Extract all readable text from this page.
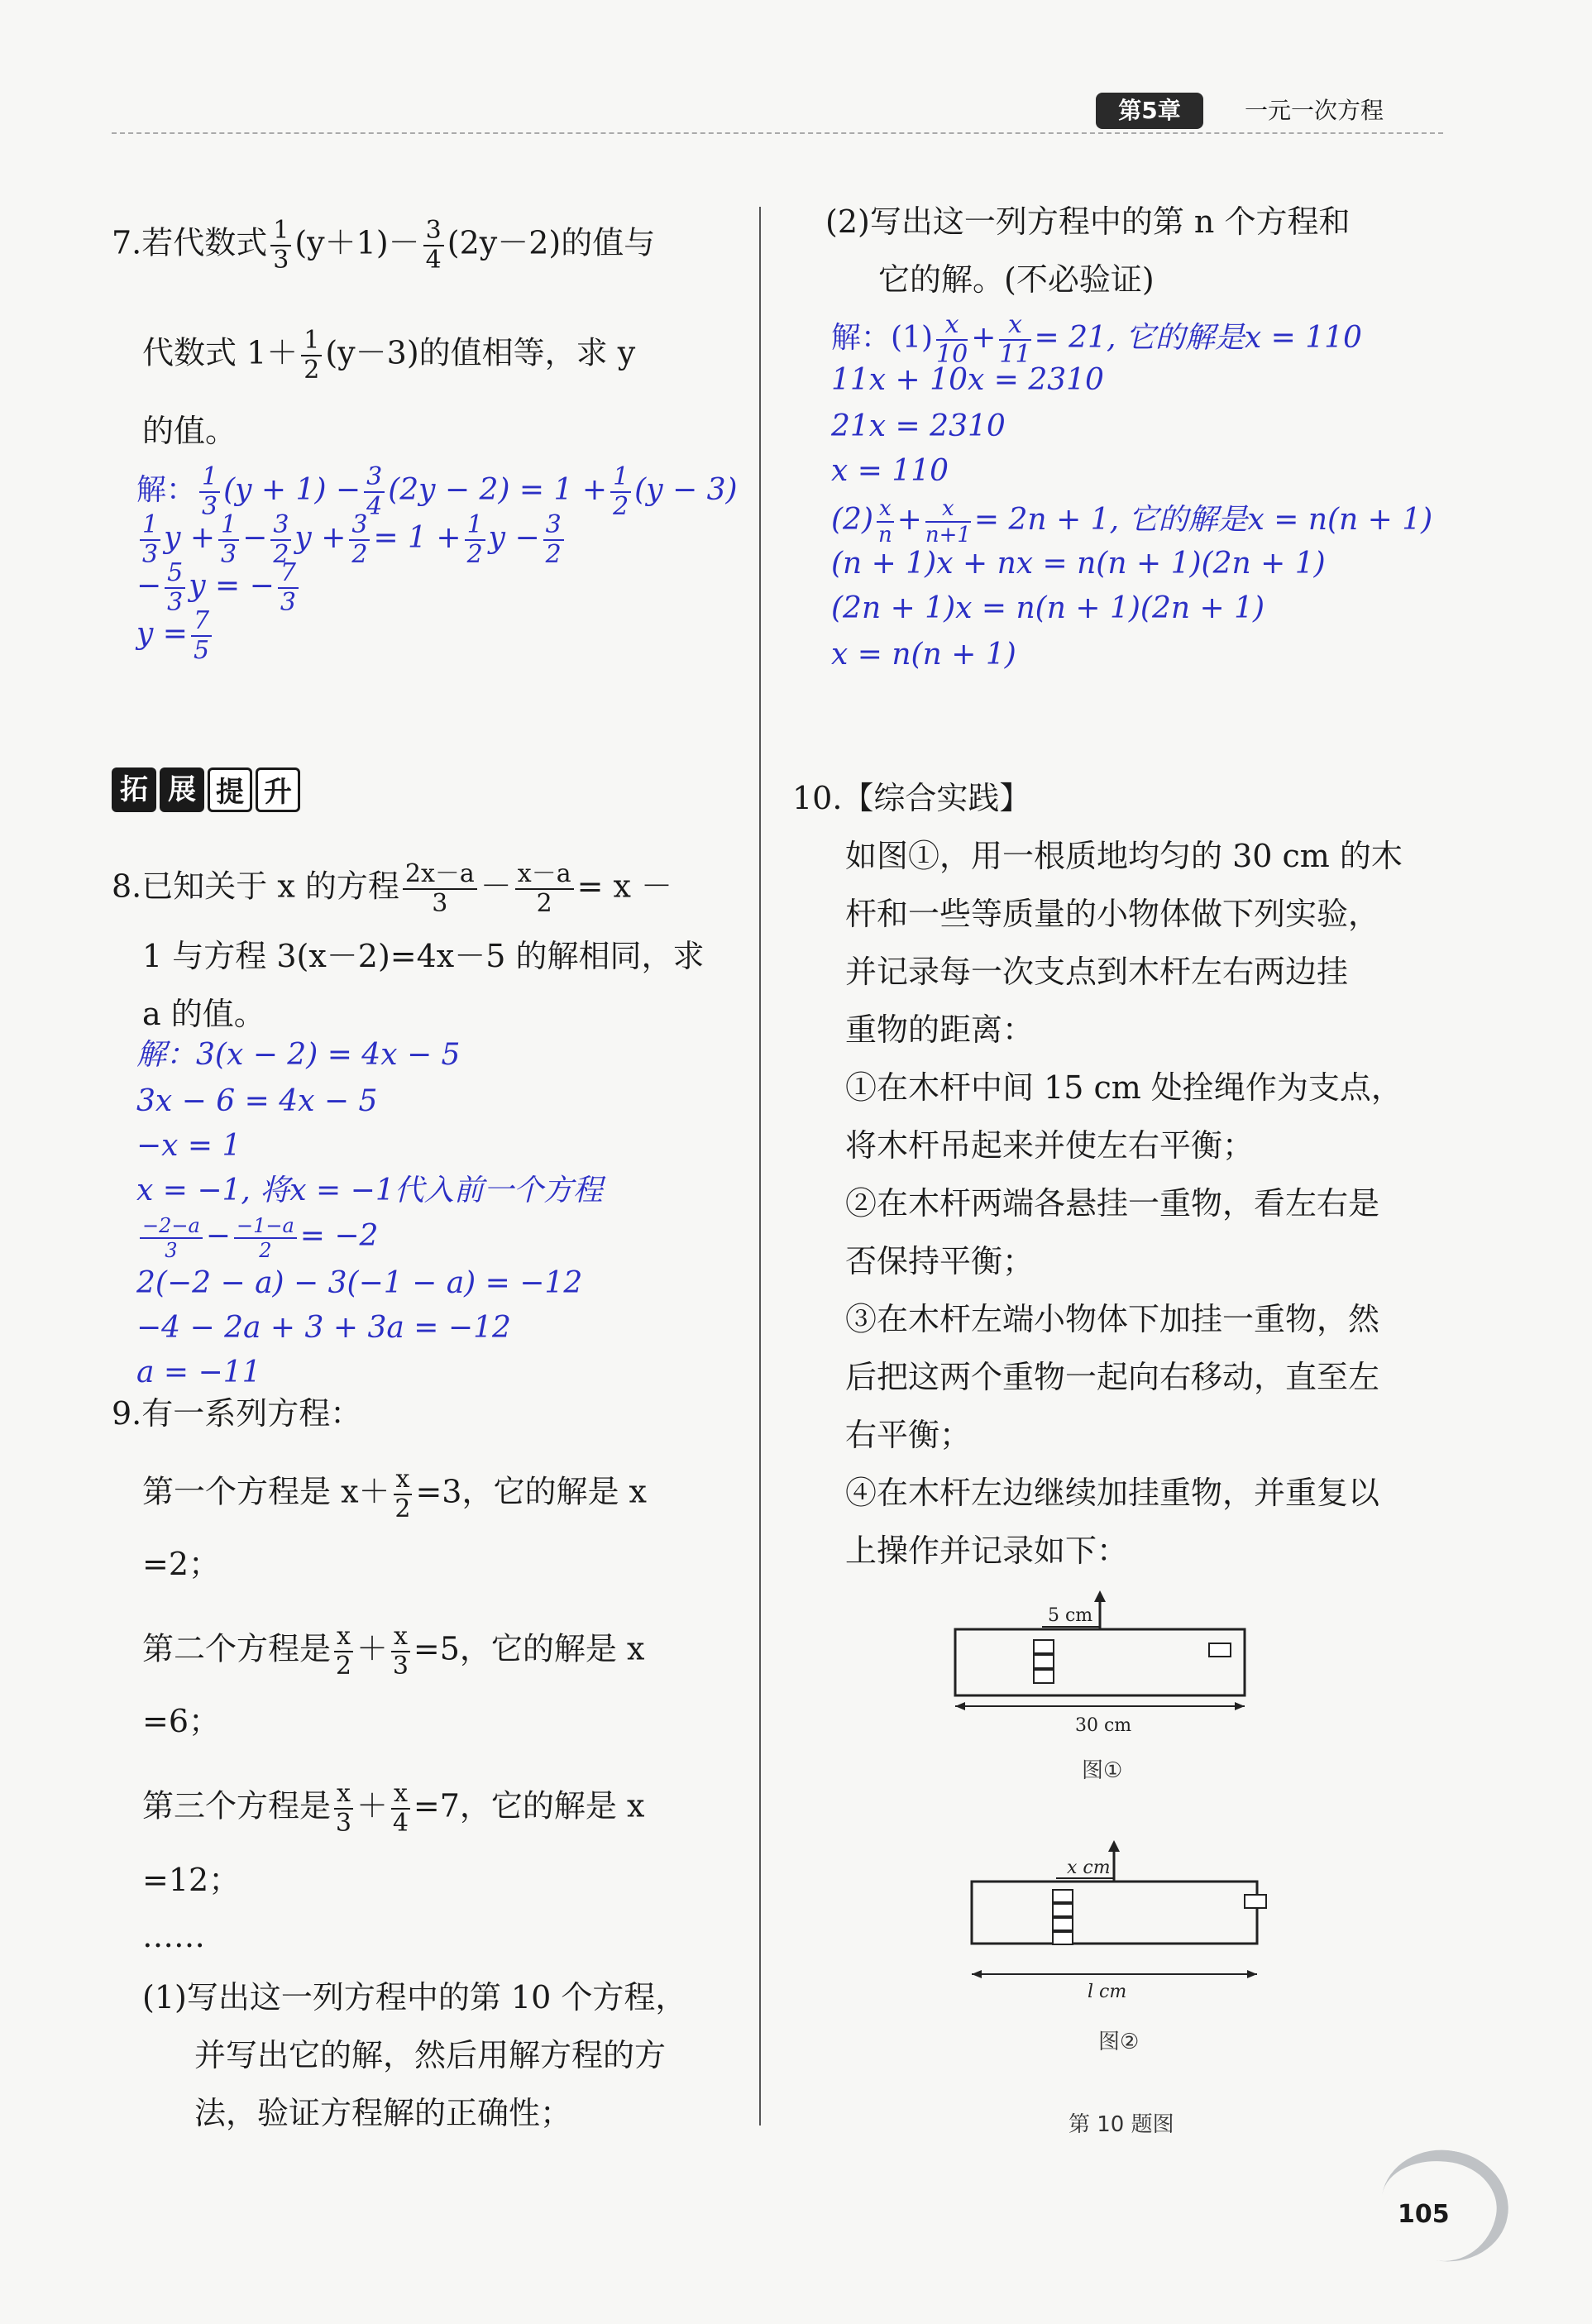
第5章	一元一次方程
7.若代数式 $\frac{1}{3} (y+1)- \frac{3}{4} (2y-2)$的值与
代数式 $1+ \frac{1}{2} (y-3)$的值相等，求 y
的值。
解： $\frac{1}{3} (y + 1) - \frac{3}{4} (2y - 2) = 1 + \frac{1}{2} (y - 3)$
$\frac{1}{3}$ $y + \frac{1}{3} - \frac{3}{2}$ $y + \frac{3}{2} = 1 + \frac{1}{2}$ $y - \frac{3}{2}$
− $\frac{5}{3}$ y = − $\frac{7}{3}$
$y = \frac{7}{5}$
拓 展 提 升
8.已知关于 x 的方程 $\frac{2x-a}{3} - \frac{x-a}{2} = x$ －
1 与方程 3(x－2)=4x－5 的解相同，求
a 的值。
解：3(x − 2) = 4x − 5
3x − 6 = 4x − 5
−x = 1
x = −1, 将x = −1代入前一个方程
$\frac{-2-a}{3} - \frac{-1-a}{2} = -2$
2(−2 − a) − 3(−1 − a) = −12
−4 − 2a + 3 + 3a = −12
a = −11
9.有一系列方程：
第一个方程是 $x+ \frac{x}{2} =3$，它的解是 x
=2；
第二个方程是 $\frac{x}{2} + \frac{x}{3} =5$，它的解是 x
=6；
第三个方程是 $\frac{x}{3} + \frac{x}{4} =7$，它的解是 x
=12；
……
(1)写出这一列方程中的第 10 个方程，
并写出它的解，然后用解方程的方
法，验证方程解的正确性；
(2)写出这一列方程中的第 n 个方程和
它的解。(不必验证)
解：$(1) \frac{x}{10} + \frac{x}{11} = 21$, 它的解是x = 110
11x + 10x = 2310
21x = 2310
x = 110
$(2) \frac{x}{n} + \frac{x}{n+1} = 2n + 1$, 它的解是x = n(n + 1)
(n + 1)x + nx = n(n + 1)(2n + 1)
(2n + 1)x = n(n + 1)(2n + 1)
x = n(n + 1)
10.【综合实践】
如图①，用一根质地均匀的 30 cm 的木
杆和一些等质量的小物体做下列实验，
并记录每一次支点到木杆左右两边挂
重物的距离：
①在木杆中间 15 cm 处拴绳作为支点，
将木杆吊起来并使左右平衡；
②在木杆两端各悬挂一重物，看左右是
否保持平衡；
③在木杆左端小物体下加挂一重物，然
后把这两个重物一起向右移动，直至左
右平衡；
④在木杆左边继续加挂重物，并重复以
上操作并记录如下：
5 cm
30 cm
图①
x cm
l cm
图②
第 10 题图
105
